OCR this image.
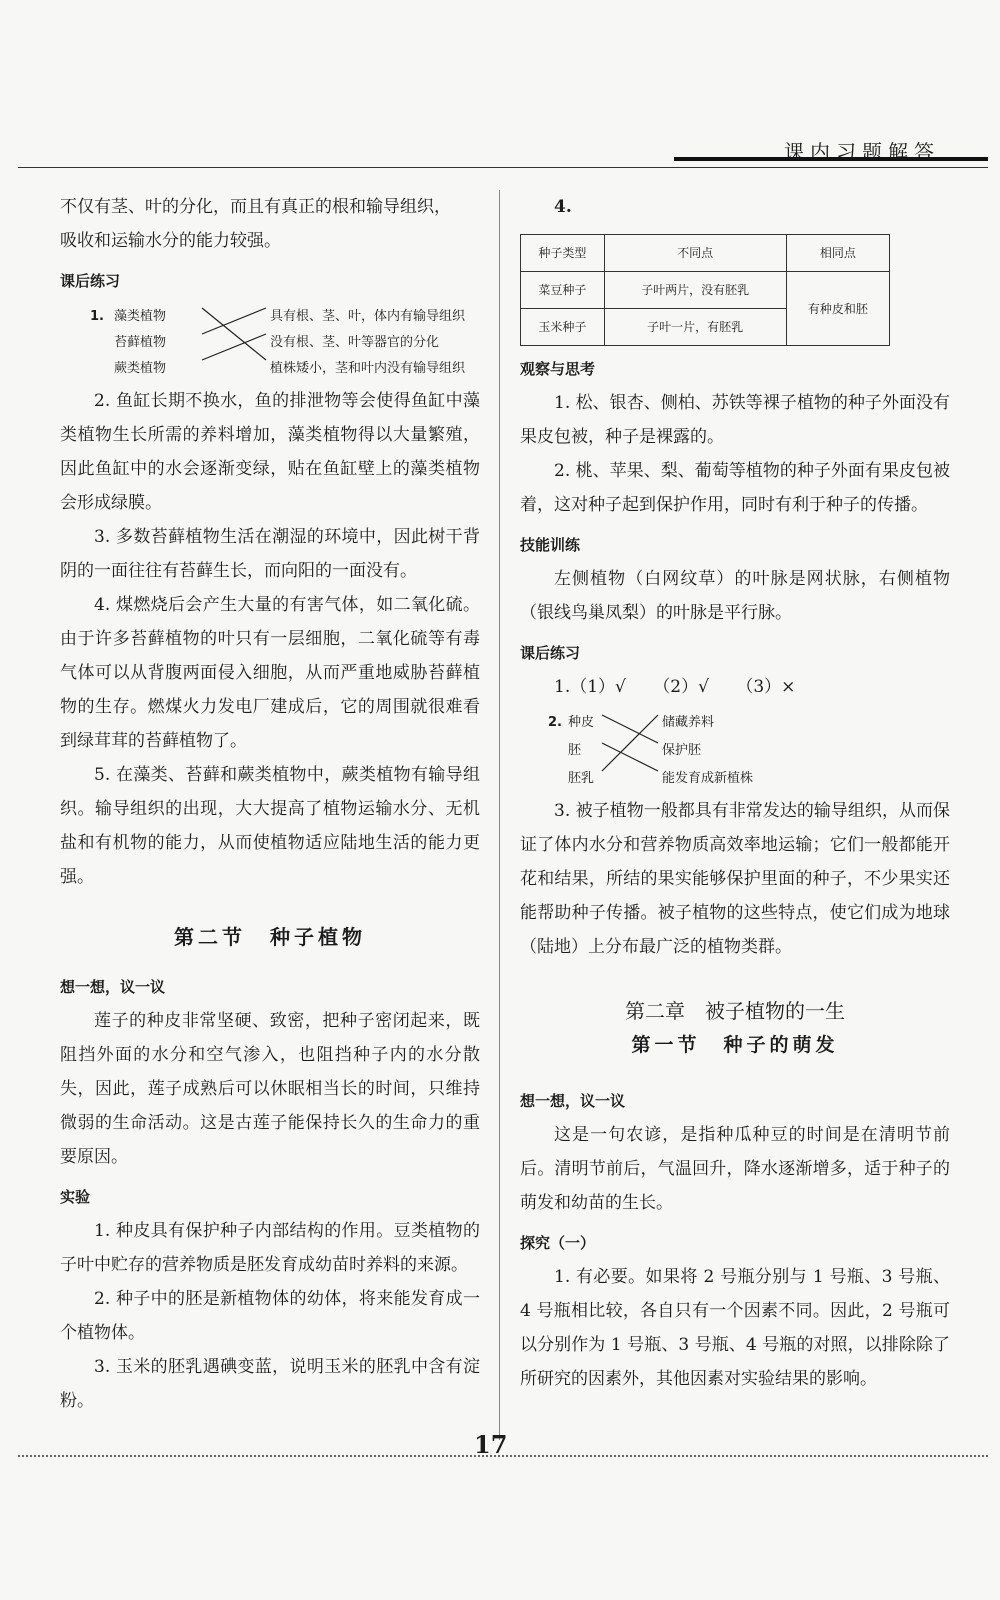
课内习题解答

不仅有茎、叶的分化，而且有真正的根和输导组织，

吸收和运输水分的能力较强。

课后练习

1. 藻类植物
苔藓植物
蕨类植物
具有根、茎、叶，体内有输导组织
没有根、茎、叶等器官的分化
植株矮小，茎和叶内没有输导组织

2. 鱼缸长期不换水，鱼的排泄物等会使得鱼缸中藻类植物生长所需的养料增加，藻类植物得以大量繁殖，因此鱼缸中的水会逐渐变绿，贴在鱼缸壁上的藻类植物会形成绿膜。

3. 多数苔藓植物生活在潮湿的环境中，因此树干背阴的一面往往有苔藓生长，而向阳的一面没有。

4. 煤燃烧后会产生大量的有害气体，如二氧化硫。由于许多苔藓植物的叶只有一层细胞，二氧化硫等有毒气体可以从背腹两面侵入细胞，从而严重地威胁苔藓植物的生存。燃煤火力发电厂建成后，它的周围就很难看到绿茸茸的苔藓植物了。

5. 在藻类、苔藓和蕨类植物中，蕨类植物有输导组织。输导组织的出现，大大提高了植物运输水分、无机盐和有机物的能力，从而使植物适应陆地生活的能力更强。

第二节　种子植物

想一想，议一议

莲子的种皮非常坚硬、致密，把种子密闭起来，既阻挡外面的水分和空气渗入，也阻挡种子内的水分散失，因此，莲子成熟后可以休眠相当长的时间，只维持微弱的生命活动。这是古莲子能保持长久的生命力的重要原因。

实验

1. 种皮具有保护种子内部结构的作用。豆类植物的子叶中贮存的营养物质是胚发育成幼苗时养料的来源。

2. 种子中的胚是新植物体的幼体，将来能发育成一个植物体。

3. 玉米的胚乳遇碘变蓝，说明玉米的胚乳中含有淀粉。

4.

种子类型	不同点	相同点
菜豆种子	子叶两片，没有胚乳	有种皮和胚
玉米种子	子叶一片，有胚乳	

观察与思考

1. 松、银杏、侧柏、苏铁等裸子植物的种子外面没有果皮包被，种子是裸露的。

2. 桃、苹果、梨、葡萄等植物的种子外面有果皮包被着，这对种子起到保护作用，同时有利于种子的传播。

技能训练

左侧植物（白网纹草）的叶脉是网状脉，右侧植物（银线鸟巢凤梨）的叶脉是平行脉。

课后练习

1.（1）√ （2）√ （3）×

2. 种皮
胚
胚乳
储藏养料
保护胚
能发育成新植株

3. 被子植物一般都具有非常发达的输导组织，从而保证了体内水分和营养物质高效率地运输；它们一般都能开花和结果，所结的果实能够保护里面的种子，不少果实还能帮助种子传播。被子植物的这些特点，使它们成为地球（陆地）上分布最广泛的植物类群。

第二章　被子植物的一生
第一节　种子的萌发

想一想，议一议

这是一句农谚，是指种瓜种豆的时间是在清明节前后。清明节前后，气温回升，降水逐渐增多，适于种子的萌发和幼苗的生长。

探究（一）

1. 有必要。如果将 2 号瓶分别与 1 号瓶、3 号瓶、4 号瓶相比较，各自只有一个因素不同。因此，2 号瓶可以分别作为 1 号瓶、3 号瓶、4 号瓶的对照，以排除除了所研究的因素外，其他因素对实验结果的影响。

17
